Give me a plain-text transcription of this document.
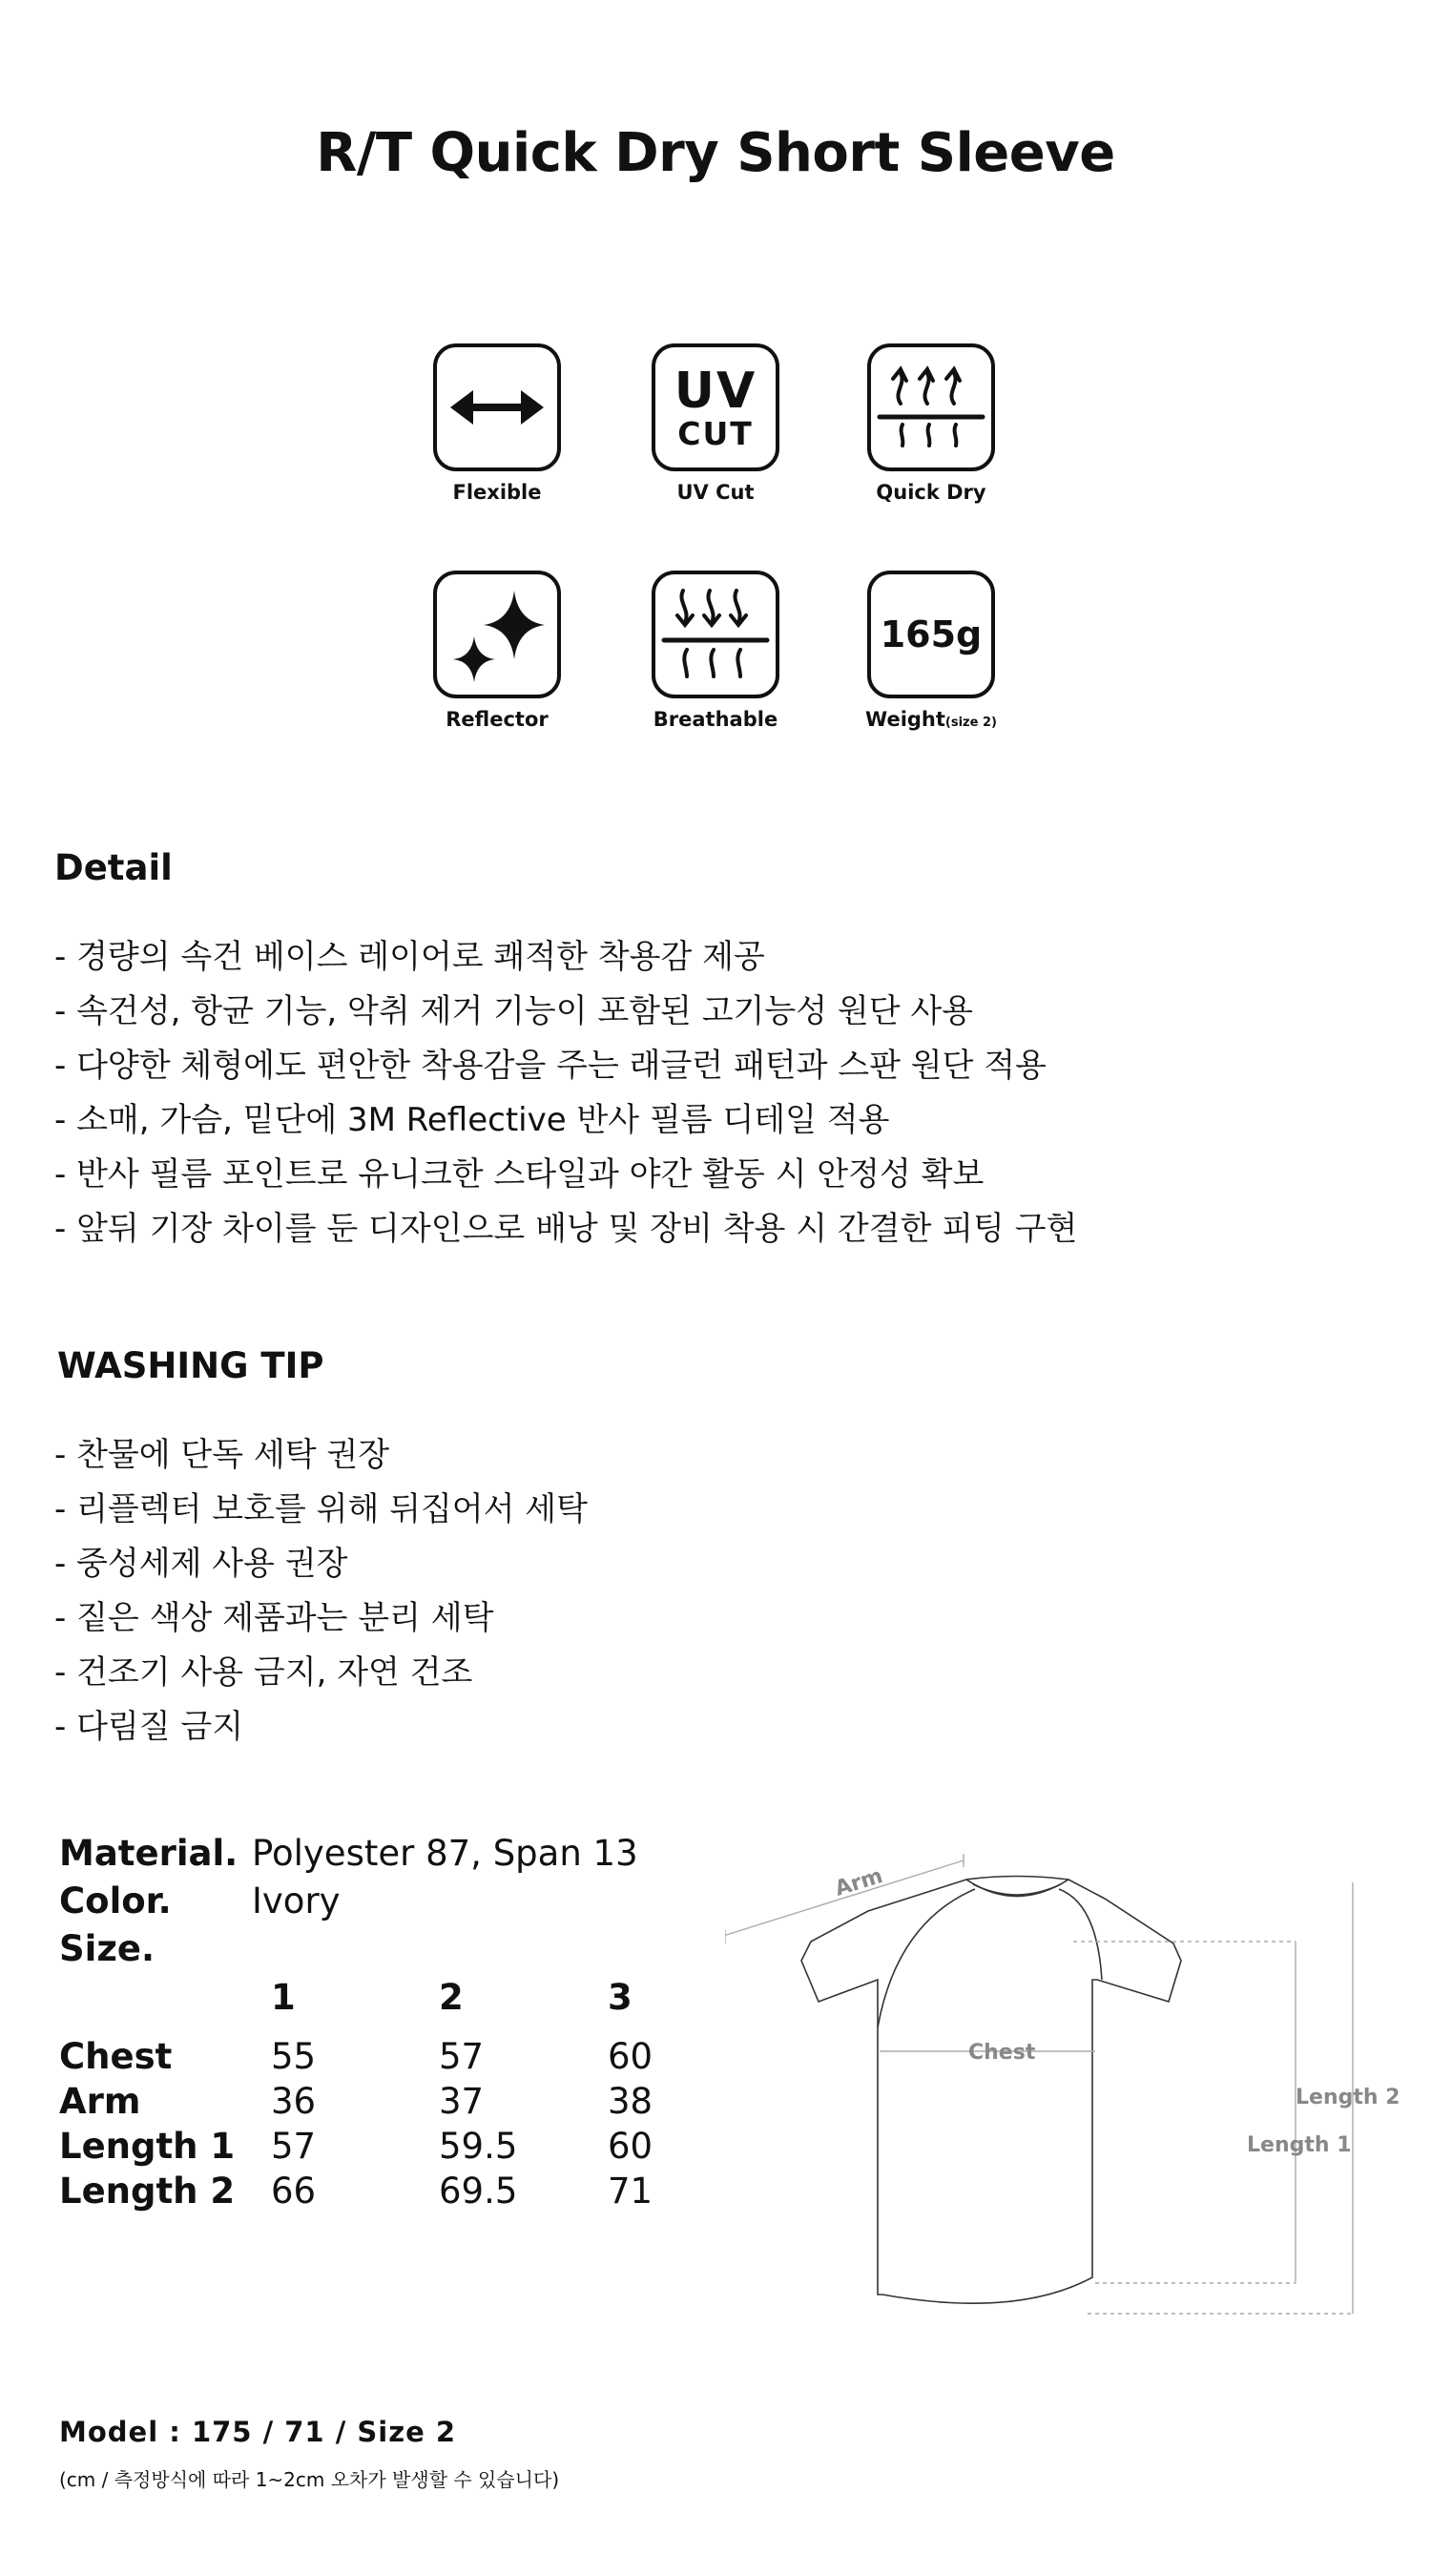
R/T Quick Dry Short Sleeve
Flexible
UV
CUT
UV Cut	Quick Dry
Reflector	Breathable
165g
Weight(size 2)
Detail
- 경량의 속건 베이스 레이어로 쾌적한 착용감 제공
- 속건성, 항균 기능, 악취 제거 기능이 포함된 고기능성 원단 사용
- 다양한 체형에도 편안한 착용감을 주는 래글런 패턴과 스판 원단 적용
- 소매, 가슴, 밑단에 3M Reflective 반사 필름 디테일 적용
- 반사 필름 포인트로 유니크한 스타일과 야간 활동 시 안정성 확보
- 앞뒤 기장 차이를 둔 디자인으로 배낭 및 장비 착용 시 간결한 피팅 구현
WASHING TIP
- 찬물에 단독 세탁 권장
- 리플렉터 보호를 위해 뒤집어서 세탁
- 중성세제 사용 권장
- 짙은 색상 제품과는 분리 세탁
- 건조기 사용 금지, 자연 건조
- 다림질 금지
Material. Polyester 87, Span 13
Color. Ivory
Size.
1	2	3
Chest	55	57	60
Arm	36	37	38
Length 1 57	59.5	60
Length 2 66	69.5	71
Arm
Chest
Length 1
Length 2
Model : 175 / 71 / Size 2
(cm / 측정방식에 따라 1~2cm 오차가 발생할 수 있습니다)
